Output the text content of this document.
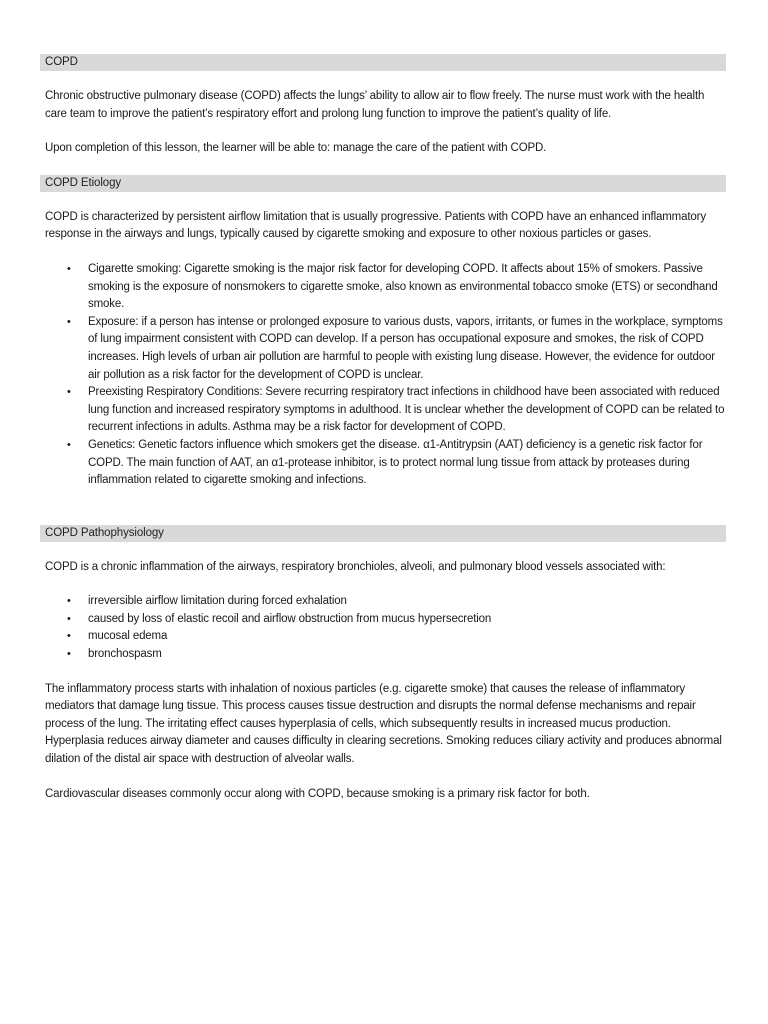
COPD

Chronic obstructive pulmonary disease (COPD) affects the lungs’ ability to allow air to flow freely. The nurse must work with the health care team to improve the patient’s respiratory effort and prolong lung function to improve the patient’s quality of life.

Upon completion of this lesson, the learner will be able to: manage the care of the patient with COPD.

COPD Etiology

COPD is characterized by persistent airflow limitation that is usually progressive. Patients with COPD have an enhanced inflammatory response in the airways and lungs, typically caused by cigarette smoking and exposure to other noxious particles or gases.

• Cigarette smoking: Cigarette smoking is the major risk factor for developing COPD. It affects about 15% of smokers. Passive smoking is the exposure of nonsmokers to cigarette smoke, also known as environmental tobacco smoke (ETS) or secondhand smoke.
• Exposure: if a person has intense or prolonged exposure to various dusts, vapors, irritants, or fumes in the workplace, symptoms of lung impairment consistent with COPD can develop. If a person has occupational exposure and smokes, the risk of COPD increases. High levels of urban air pollution are harmful to people with existing lung disease. However, the evidence for outdoor air pollution as a risk factor for the development of COPD is unclear.
• Preexisting Respiratory Conditions: Severe recurring respiratory tract infections in childhood have been associated with reduced lung function and increased respiratory symptoms in adulthood. It is unclear whether the development of COPD can be related to recurrent infections in adults. Asthma may be a risk factor for development of COPD.
• Genetics: Genetic factors influence which smokers get the disease. α1-Antitrypsin (AAT) deficiency is a genetic risk factor for COPD. The main function of AAT, an α1-protease inhibitor, is to protect normal lung tissue from attack by proteases during inflammation related to cigarette smoking and infections.
COPD Pathophysiology

COPD is a chronic inflammation of the airways, respiratory bronchioles, alveoli, and pulmonary blood vessels associated with:

• irreversible airflow limitation during forced exhalation
• caused by loss of elastic recoil and airflow obstruction from mucus hypersecretion
• mucosal edema
• bronchospasm

The inflammatory process starts with inhalation of noxious particles (e.g. cigarette smoke) that causes the release of inflammatory mediators that damage lung tissue. This process causes tissue destruction and disrupts the normal defense mechanisms and repair process of the lung. The irritating effect causes hyperplasia of cells, which subsequently results in increased mucus production. Hyperplasia reduces airway diameter and causes difficulty in clearing secretions. Smoking reduces ciliary activity and produces abnormal dilation of the distal air space with destruction of alveolar walls.

Cardiovascular diseases commonly occur along with COPD, because smoking is a primary risk factor for both.
